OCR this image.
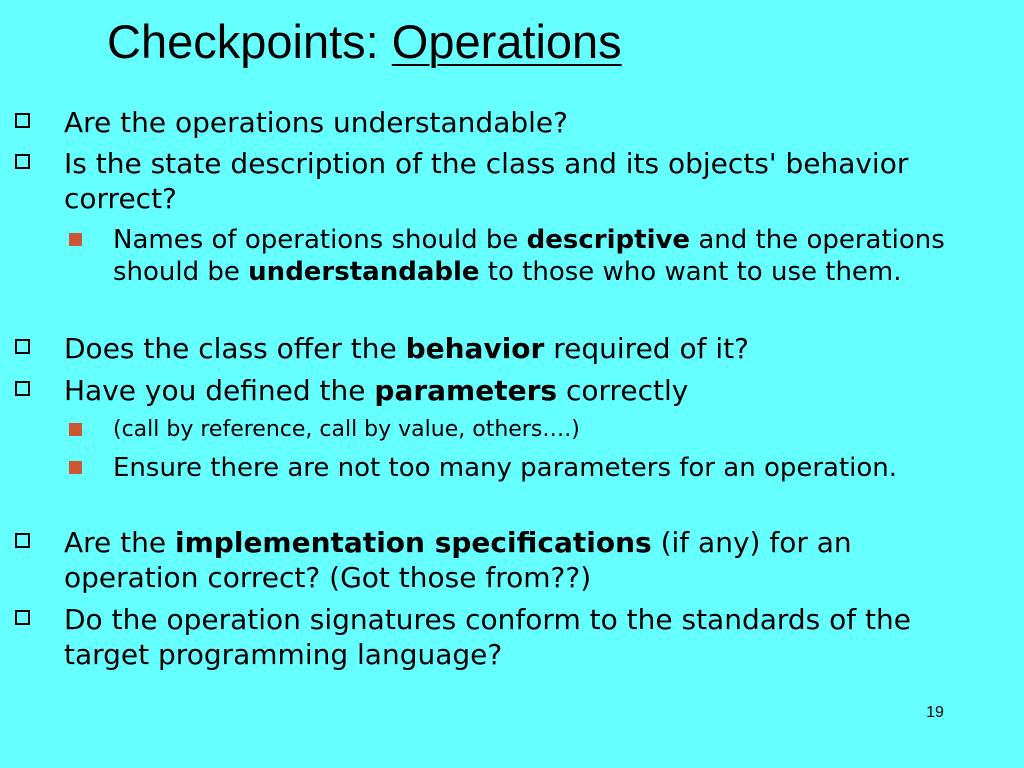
Checkpoints: Operations
Are the operations understandable?
Is the state description of the class and its objects' behavior correct?
Names of operations should be descriptive and the operations should be understandable to those who want to use them.
Does the class offer the behavior required of it?
Have you defined the parameters correctly
(call by reference, call by value, others….)
Ensure there are not too many parameters for an operation.
Are the implementation specifications (if any) for an operation correct? (Got those from??)
Do the operation signatures conform to the standards of the target programming language?
19
